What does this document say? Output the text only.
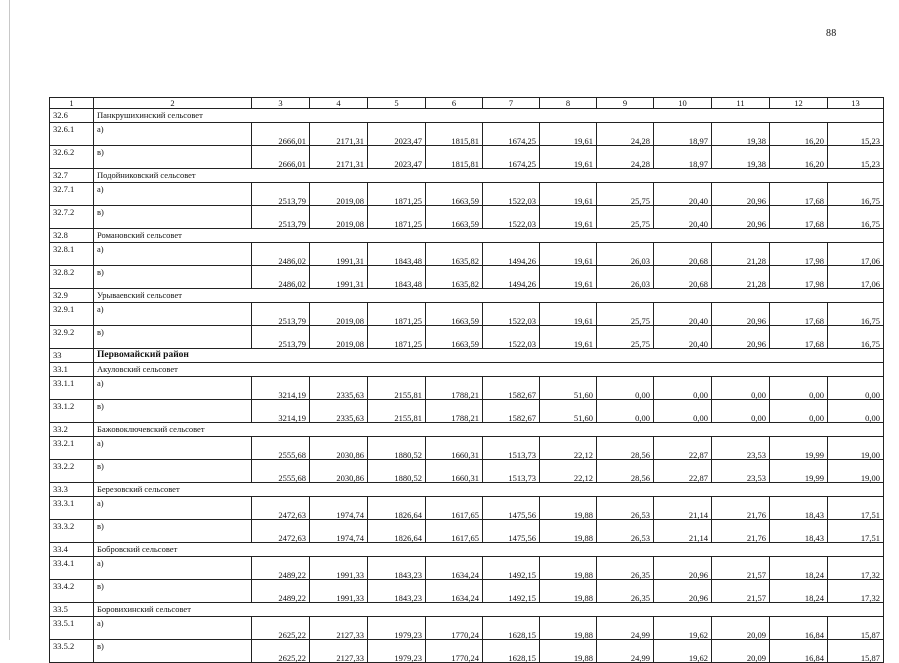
88
1	2	3	4	5	6	7	8	9	10	11	12	13
32.6	Панкрушихинский сельсовет											
32.6.1	а)	2666,01	2171,31	2023,47	1815,81	1674,25	19,61	24,28	18,97	19,38	16,20	15,23
32.6.2	в)	2666,01	2171,31	2023,47	1815,81	1674,25	19,61	24,28	18,97	19,38	16,20	15,23
32.7	Подойниковский сельсовет											
32.7.1	а)	2513,79	2019,08	1871,25	1663,59	1522,03	19,61	25,75	20,40	20,96	17,68	16,75
32.7.2	в)	2513,79	2019,08	1871,25	1663,59	1522,03	19,61	25,75	20,40	20,96	17,68	16,75
32.8	Романовский сельсовет											
32.8.1	а)	2486,02	1991,31	1843,48	1635,82	1494,26	19,61	26,03	20,68	21,28	17,98	17,06
32.8.2	в)	2486,02	1991,31	1843,48	1635,82	1494,26	19,61	26,03	20,68	21,28	17,98	17,06
32.9	Урываевский сельсовет											
32.9.1	а)	2513,79	2019,08	1871,25	1663,59	1522,03	19,61	25,75	20,40	20,96	17,68	16,75
32.9.2	в)	2513,79	2019,08	1871,25	1663,59	1522,03	19,61	25,75	20,40	20,96	17,68	16,75
33	Первомайский район											
33.1	Акуловский сельсовет											
33.1.1	а)	3214,19	2335,63	2155,81	1788,21	1582,67	51,60	0,00	0,00	0,00	0,00	0,00
33.1.2	в)	3214,19	2335,63	2155,81	1788,21	1582,67	51,60	0,00	0,00	0,00	0,00	0,00
33.2	Бажовоключевский сельсовет											
33.2.1	а)	2555,68	2030,86	1880,52	1660,31	1513,73	22,12	28,56	22,87	23,53	19,99	19,00
33.2.2	в)	2555,68	2030,86	1880,52	1660,31	1513,73	22,12	28,56	22,87	23,53	19,99	19,00
33.3	Березовский сельсовет											
33.3.1	а)	2472,63	1974,74	1826,64	1617,65	1475,56	19,88	26,53	21,14	21,76	18,43	17,51
33.3.2	в)	2472,63	1974,74	1826,64	1617,65	1475,56	19,88	26,53	21,14	21,76	18,43	17,51
33.4	Бобровский сельсовет											
33.4.1	а)	2489,22	1991,33	1843,23	1634,24	1492,15	19,88	26,35	20,96	21,57	18,24	17,32
33.4.2	в)	2489,22	1991,33	1843,23	1634,24	1492,15	19,88	26,35	20,96	21,57	18,24	17,32
33.5	Боровихинский сельсовет											
33.5.1	а)	2625,22	2127,33	1979,23	1770,24	1628,15	19,88	24,99	19,62	20,09	16,84	15,87
33.5.2	в)	2625,22	2127,33	1979,23	1770,24	1628,15	19,88	24,99	19,62	20,09	16,84	15,87
